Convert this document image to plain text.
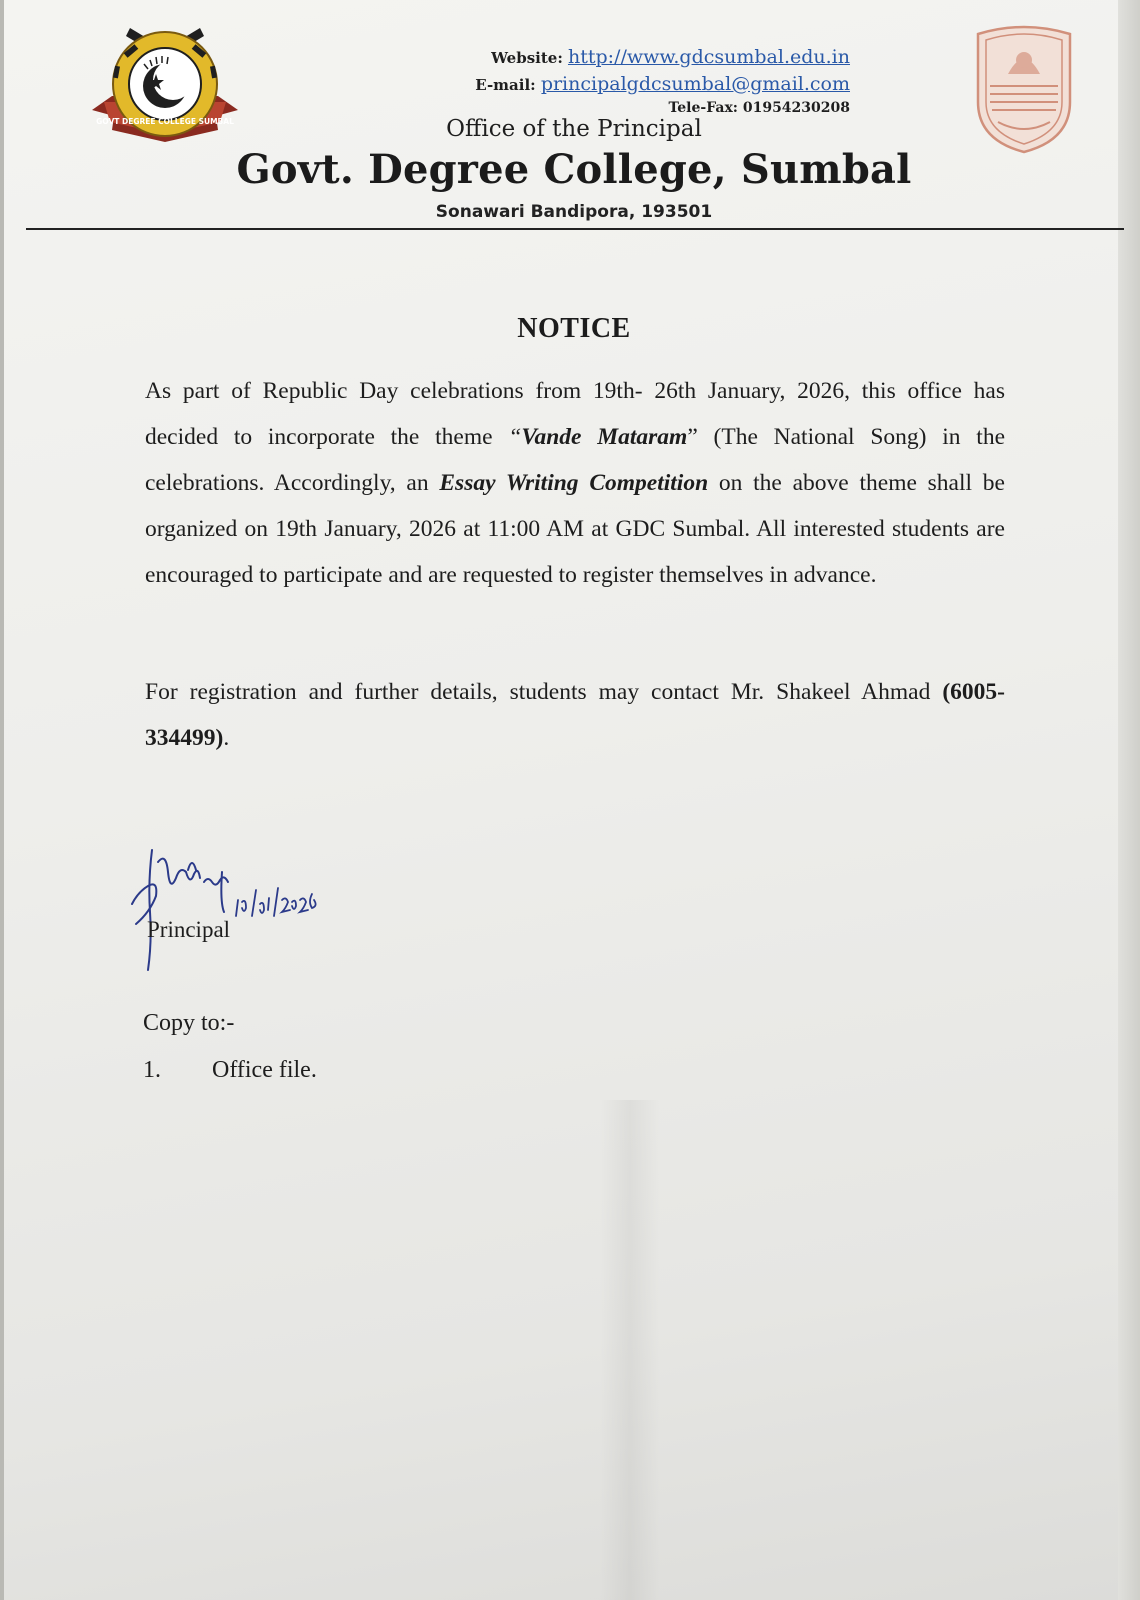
GOVT DEGREE COLLEGE SUMBAL
Website: http://www.gdcsumbal.edu.in
E-mail: principalgdcsumbal@gmail.com
Tele-Fax: 01954230208
Office of the Principal
Govt. Degree College, Sumbal
Sonawari Bandipora, 193501
NOTICE

As part of Republic Day celebrations from 19th- 26th January, 2026, this office has decided to incorporate the theme “Vande Mataram” (The National Song) in the celebrations. Accordingly, an Essay Writing Competition on the above theme shall be organized on 19th January, 2026 at 11:00 AM at GDC Sumbal. All interested students are encouraged to participate and are requested to register themselves in advance.

For registration and further details, students may contact Mr. Shakeel Ahmad (6005-334499).

Principal
Copy to:-
1. Office file.
